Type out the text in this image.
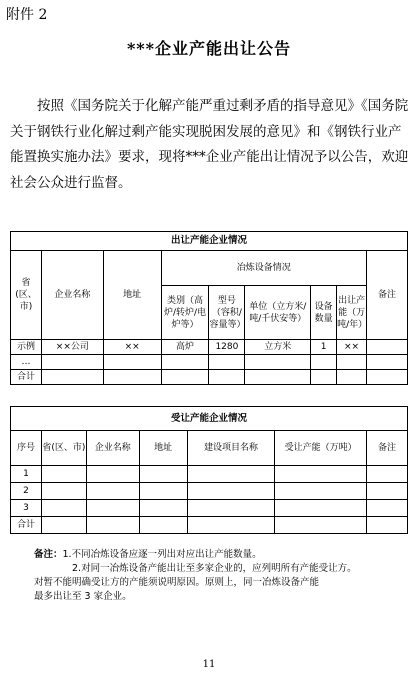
附件 2
***企业产能出让公告

按照《国务院关于化解产能严重过剩矛盾的指导意见》《国务院关于钢铁行业化解过剩产能实现脱困发展的意见》和《钢铁行业产能置换实施办法》要求，现将***企业产能出让情况予以公告，欢迎社会公众进行监督。

出让产能企业情况								
省(区、市)	企业名称	地址	冶炼设备情况					备注
			类别（高炉/转炉/电炉等）	型号（容积/容量等）	单位（立方米/吨/千伏安等）	设备数量	出让产能（万吨/年）	
示例	××公司	××	高炉	1280	立方米	1	××	
…								
合计								
受让产能企业情况						
序号	省(区、市)	企业名称	地址	建设项目名称	受让产能（万吨）	备注
1						
2						
3						
合计						
备注：1.不同冶炼设备应逐一列出对应出让产能数量。
2.对同一冶炼设备产能出让至多家企业的，应列明所有产能受让方。
对暂不能明确受让方的产能须说明原因。原则上，同一冶炼设备产能
最多出让至 3 家企业。
11
